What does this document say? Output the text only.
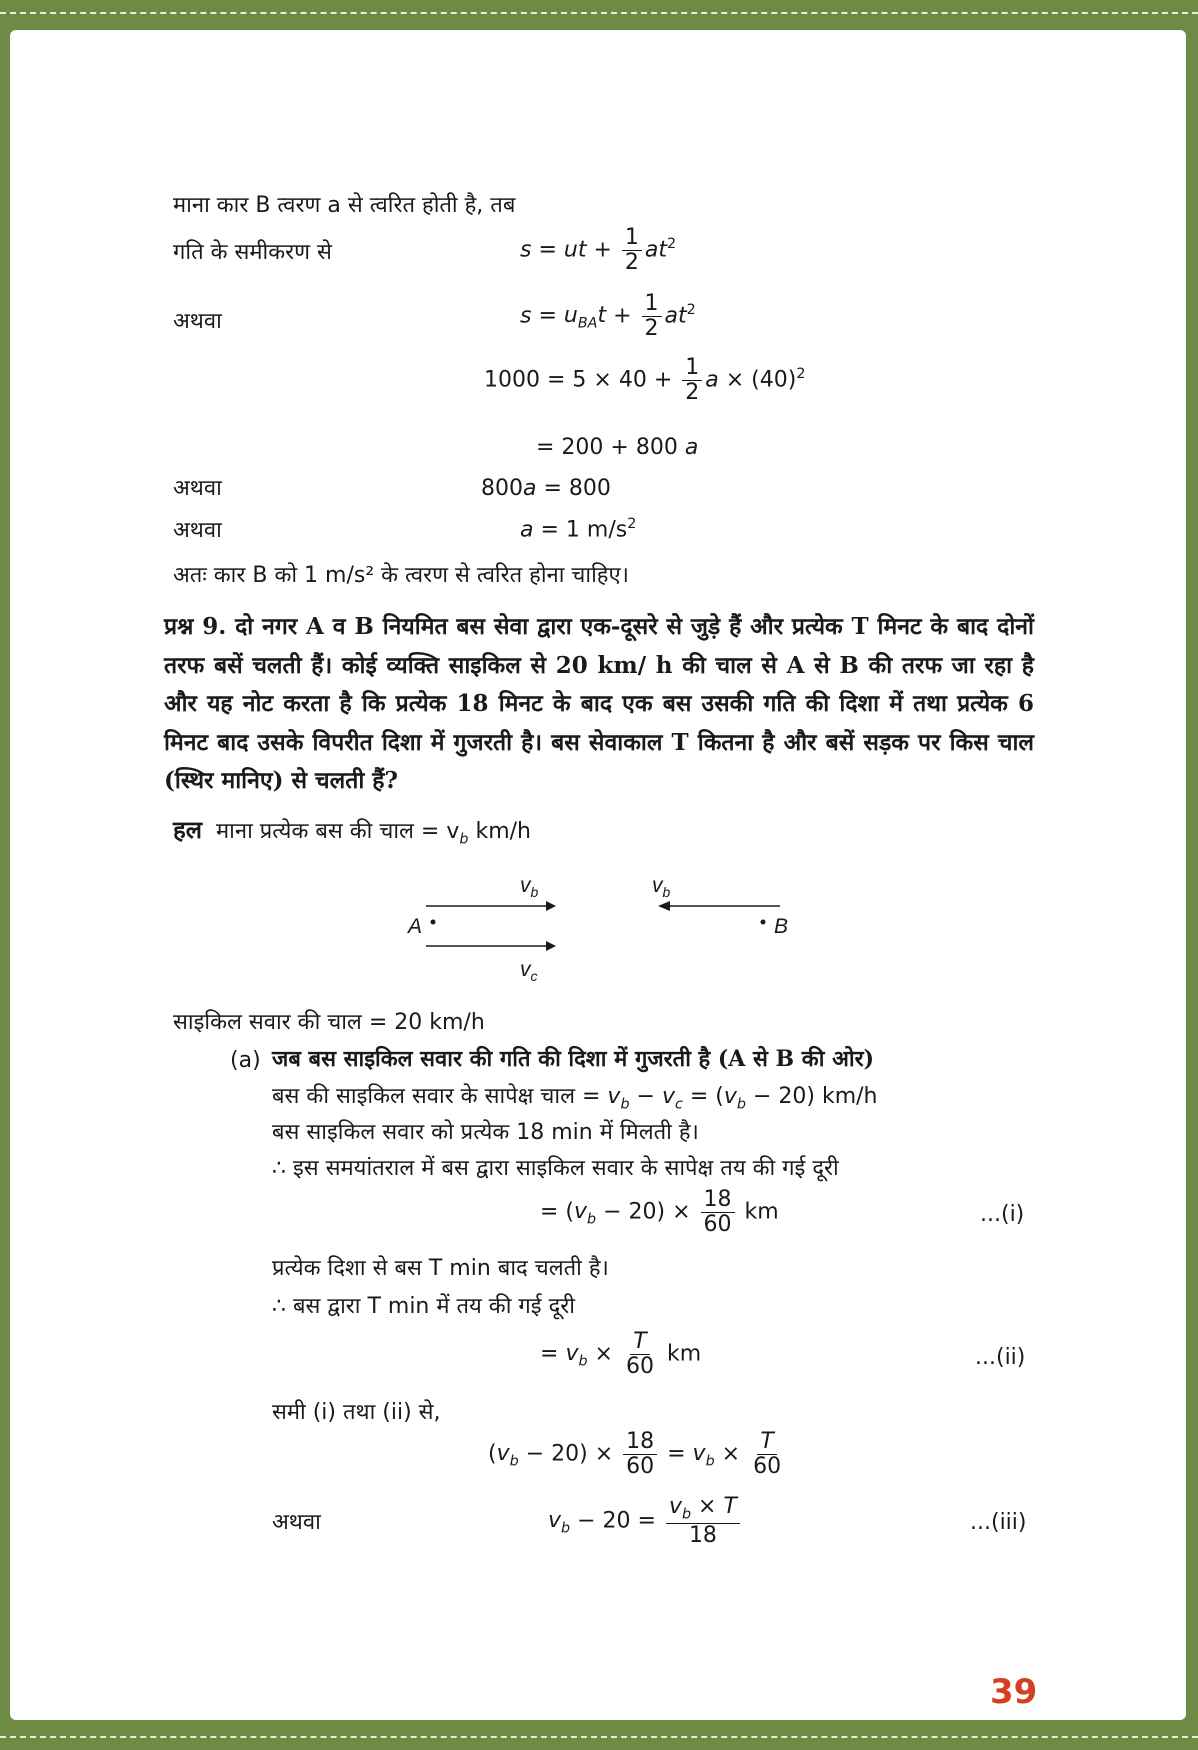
माना कार B त्वरण a से त्वरित होती है, तब
गति के समीकरण से	s = ut + $\frac{1}{2} at^2$
अथवा	$s = u_{BA}t + \frac{1}{2} at^2$
$1000 = 5 \times 40 + \frac{1}{2}$ $a \times (40)^2$
= 200 + 800 a
अथवा	800a = 800
अथवा	a = 1 $m/s^2$
अतः कार B को 1 m/s² के त्वरण से त्वरित होना चाहिए।
प्रश्न 9. दो नगर A व B नियमित बस सेवा द्वारा एक-दूसरे से जुड़े हैं और प्रत्येक T मिनट के बाद दोनों तरफ बसें चलती हैं। कोई व्यक्ति साइकिल से 20 km/ h की चाल से A से B की तरफ जा रहा है और यह नोट करता है कि प्रत्येक 18 मिनट के बाद एक बस उसकी गति की दिशा में तथा प्रत्येक 6 मिनट बाद उसके विपरीत दिशा में गुजरती है। बस सेवाकाल T कितना है और बसें सड़क पर किस चाल (स्थिर मानिए) से चलती हैं?
हल माना प्रत्येक बस की चाल = $v_b$ km/h
A	B
$v_b$	$v_b$
$v_c$
साइकिल सवार की चाल = 20 km/h
(a) जब बस साइकिल सवार की गति की दिशा में गुजरती है (A से B की ओर)
बस की साइकिल सवार के सापेक्ष चाल = $v_b - v_c = (v_b - 20)$ km/h
बस साइकिल सवार को प्रत्येक 18 min में मिलती है।
∴ इस समयांतराल में बस द्वारा साइकिल सवार के सापेक्ष तय की गई दूरी
= $(v_b - 20) \times \frac{18}{60}$ km	...(i)
प्रत्येक दिशा से बस T min बाद चलती है।
∴ बस द्वारा T min में तय की गई दूरी
= $v_b \times \frac{T}{60}$ km	...(ii)
समी (i) तथा (ii) से,
$(v_b - 20) \times \frac{18}{60} = v_b \times \frac{T}{60}$
अथवा	$v_b - 20 = \frac{v_b \times T}{18}$	...(iii)
39
